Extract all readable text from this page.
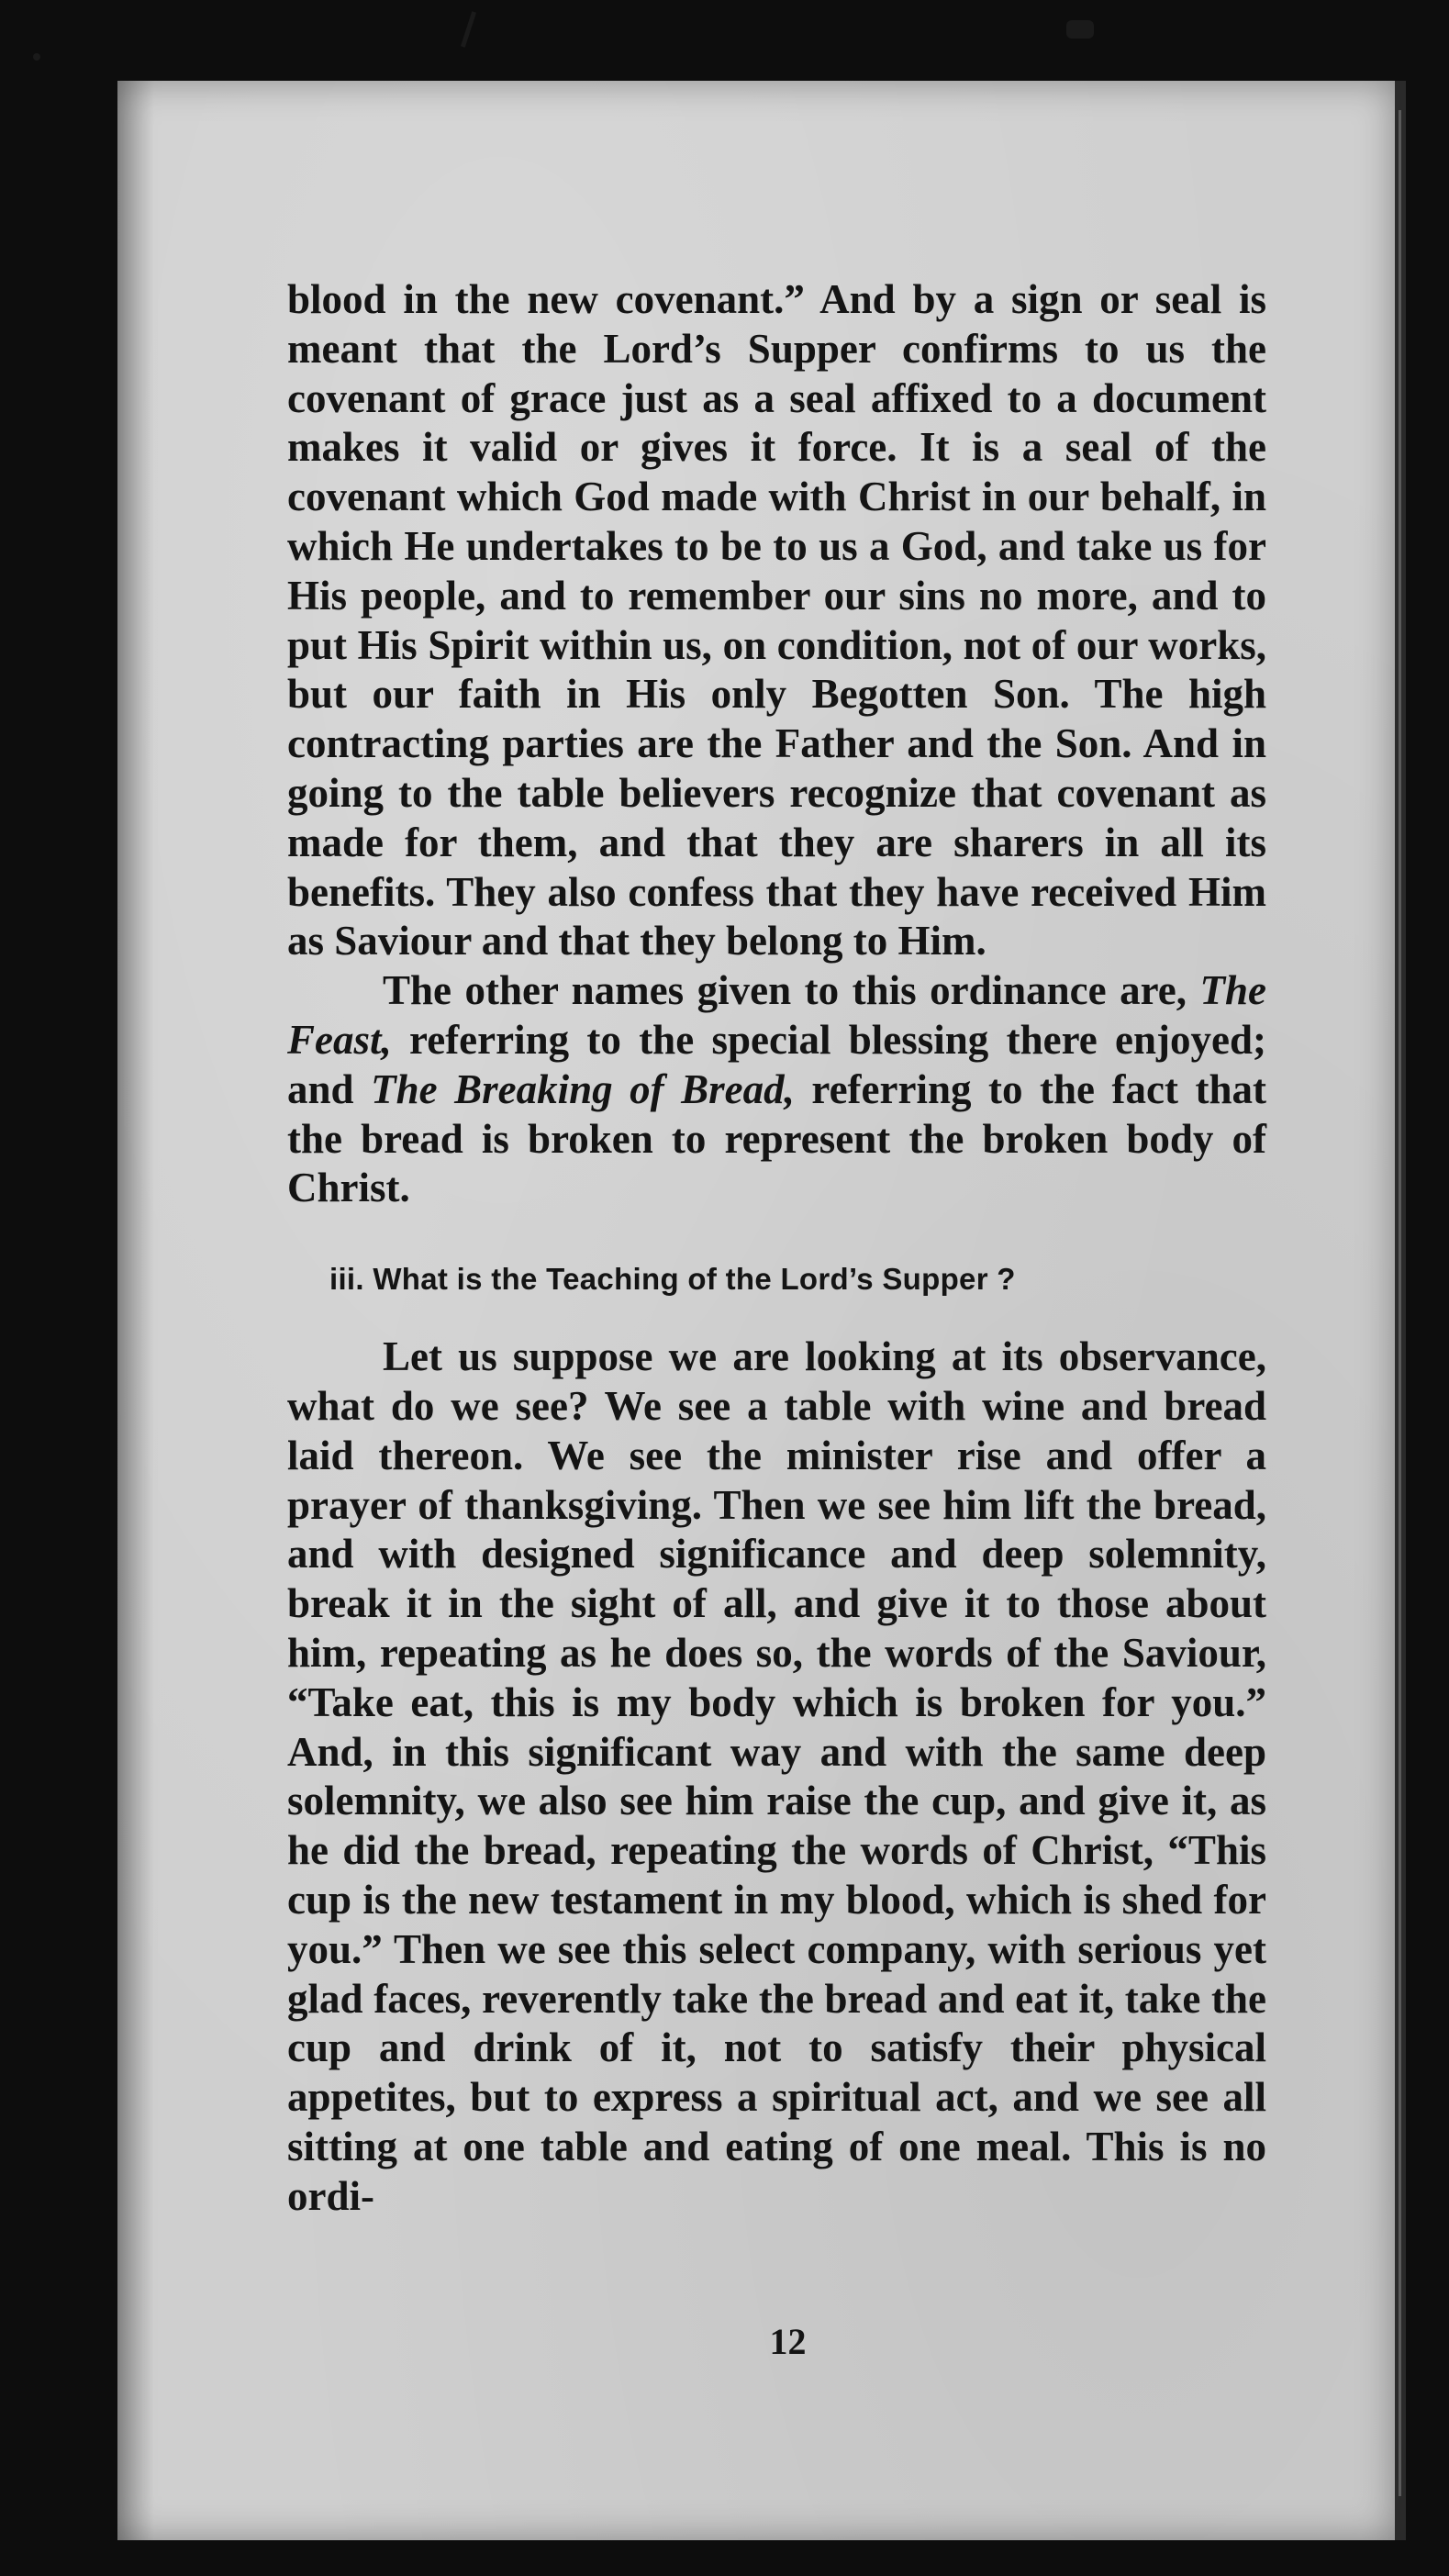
blood in the new covenant.” And by a sign or seal is meant that the Lord’s Supper confirms to us the covenant of grace just as a seal affixed to a document makes it valid or gives it force. It is a seal of the covenant which God made with Christ in our behalf, in which He undertakes to be to us a God, and take us for His people, and to remember our sins no more, and to put His Spirit within us, on condition, not of our works, but our faith in His only Begotten Son. The high contracting parties are the Father and the Son. And in going to the table believers recognize that covenant as made for them, and that they are sharers in all its benefits. They also confess that they have received Him as Saviour and that they belong to Him.

The other names given to this ordinance are, The Feast, referring to the special blessing there enjoyed; and The Breaking of Bread, referring to the fact that the bread is broken to represent the broken body of Christ.

iii. What is the Teaching of the Lord’s Supper ?

Let us suppose we are looking at its observance, what do we see? We see a table with wine and bread laid thereon. We see the minister rise and offer a prayer of thanksgiving. Then we see him lift the bread, and with designed significance and deep solemnity, break it in the sight of all, and give it to those about him, repeating as he does so, the words of the Saviour, “Take eat, this is my body which is broken for you.” And, in this significant way and with the same deep solemnity, we also see him raise the cup, and give it, as he did the bread, repeating the words of Christ, “This cup is the new testament in my blood, which is shed for you.” Then we see this select company, with serious yet glad faces, reverently take the bread and eat it, take the cup and drink of it, not to satisfy their physical appetites, but to express a spiritual act, and we see all sitting at one table and eating of one meal. This is no ordi-

12
